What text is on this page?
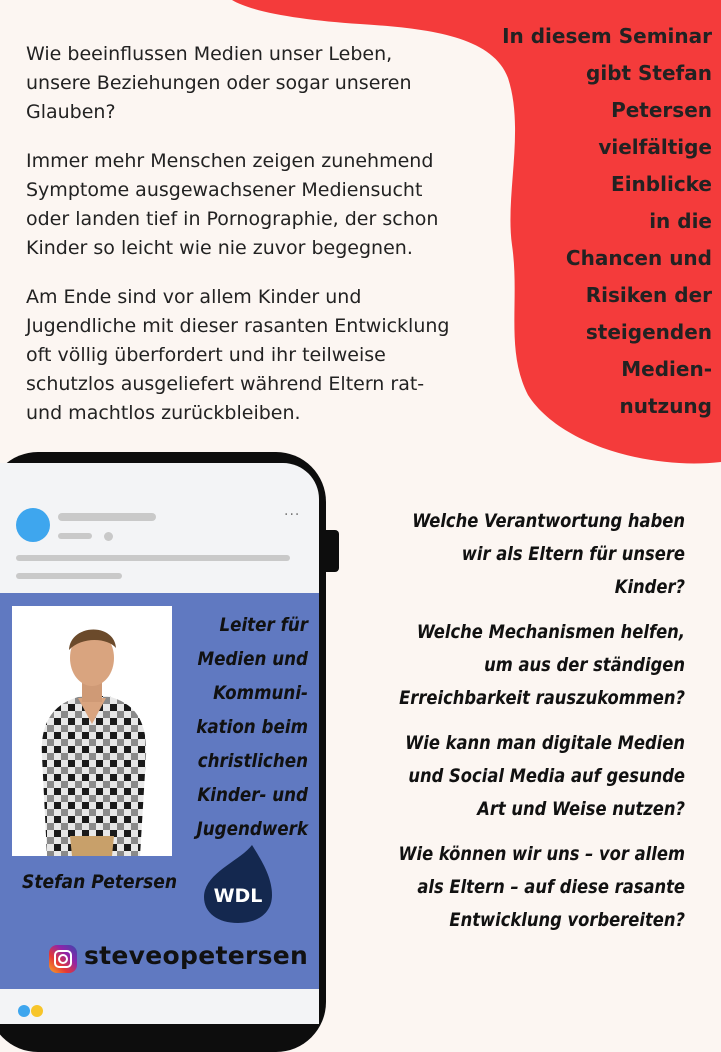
Wie beeinflussen Medien unser Leben,
unsere Beziehungen oder sogar unseren
Glauben?

Immer mehr Menschen zeigen zunehmend
Symptome ausgewachsener Mediensucht
oder landen tief in Pornographie, der schon
Kinder so leicht wie nie zuvor begegnen.

Am Ende sind vor allem Kinder und
Jugendliche mit dieser rasanten Entwicklung
oft völlig überfordert und ihr teilweise
schutzlos ausgeliefert während Eltern rat-
und machtlos zurückbleiben.

In diesem Seminar
gibt Stefan
Petersen
vielfältige
Einblicke
in die
Chancen und
Risiken der
steigenden
Medien-
nutzung
···
Leiter für
Medien und
Kommuni-
kation beim
christlichen
Kinder- und
Jugendwerk
Stefan Petersen
WDL
steveopetersen
Welche Verantwortung haben
wir als Eltern für unsere
Kinder?
Welche Mechanismen helfen,
um aus der ständigen
Erreichbarkeit rauszukommen?
Wie kann man digitale Medien
und Social Media auf gesunde
Art und Weise nutzen?
Wie können wir uns – vor allem
als Eltern – auf diese rasante
Entwicklung vorbereiten?
